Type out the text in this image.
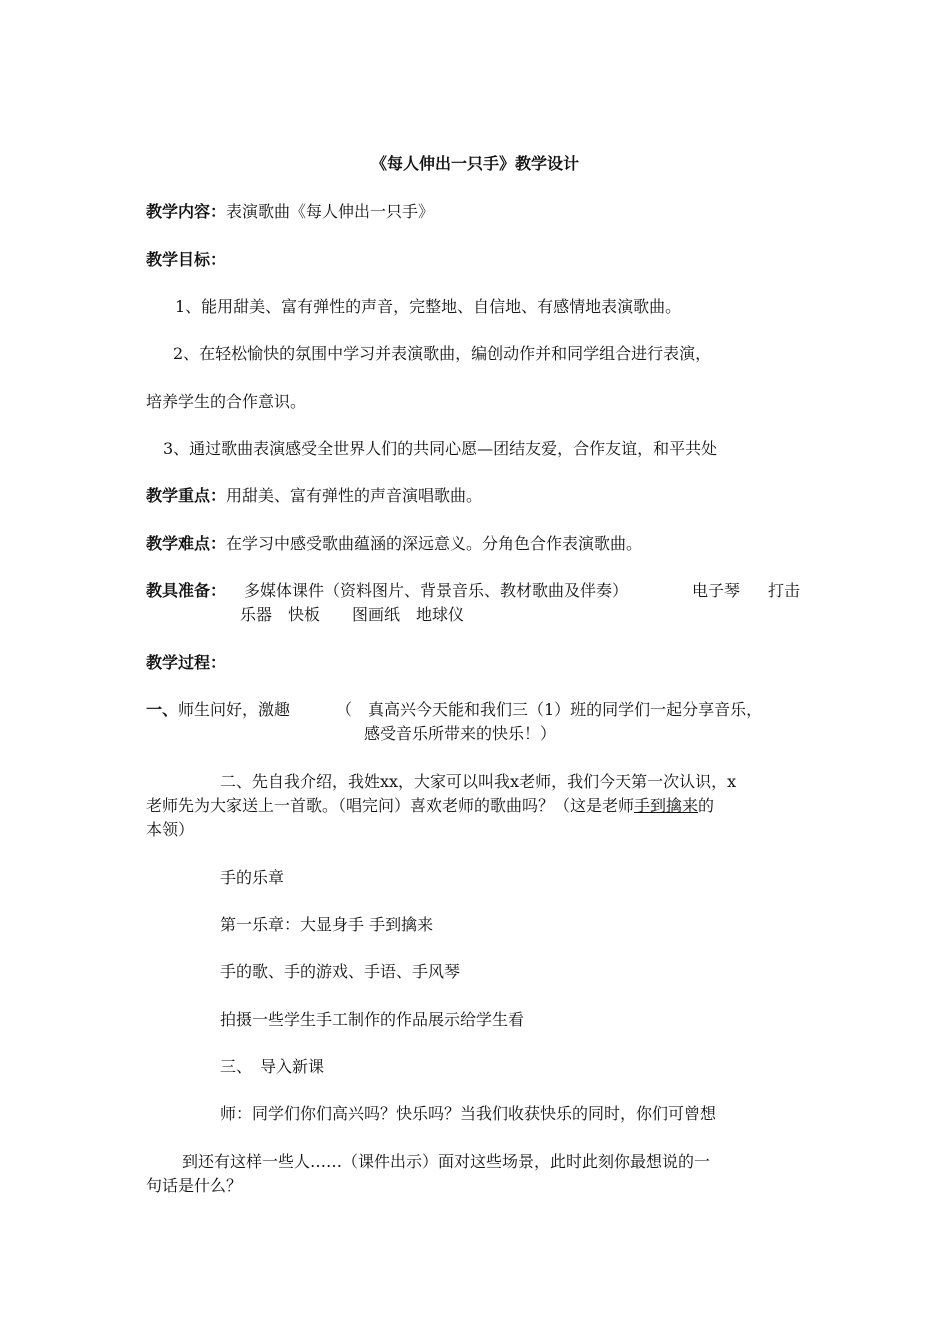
《每人伸出一只手》教学设计
教学内容：表演歌曲《每人伸出一只手》
教学目标：
1、能用甜美、富有弹性的声音，完整地、自信地、有感情地表演歌曲。
2、在轻松愉快的氛围中学习并表演歌曲，编创动作并和同学组合进行表演，
培养学生的合作意识。
3、通过歌曲表演感受全世界人们的共同心愿—团结友爱，合作友谊，和平共处
教学重点：用甜美、富有弹性的声音演唱歌曲。
教学难点：在学习中感受歌曲蕴涵的深远意义。分角色合作表演歌曲。
教具准备： 多媒体课件（资料图片、背景音乐、教材歌曲及伴奏）	电子琴 打击
乐器　快板　　图画纸　地球仪
教学过程：
一、师生问好，激趣	（　真高兴今天能和我们三（1）班的同学们一起分享音乐，
感受音乐所带来的快乐！）
二、先自我介绍，我姓xx，大家可以叫我x老师，我们今天第一次认识，x
老师先为大家送上一首歌。（唱完问）喜欢老师的歌曲吗？（这是老师手到擒来的
本领）
手的乐章
第一乐章：大显身手 手到擒来
手的歌、手的游戏、手语、手风琴
拍摄一些学生手工制作的作品展示给学生看
三、　导入新课
师：同学们你们高兴吗？快乐吗？当我们收获快乐的同时，你们可曾想
到还有这样一些人……（课件出示）面对这些场景，此时此刻你最想说的一
句话是什么？
